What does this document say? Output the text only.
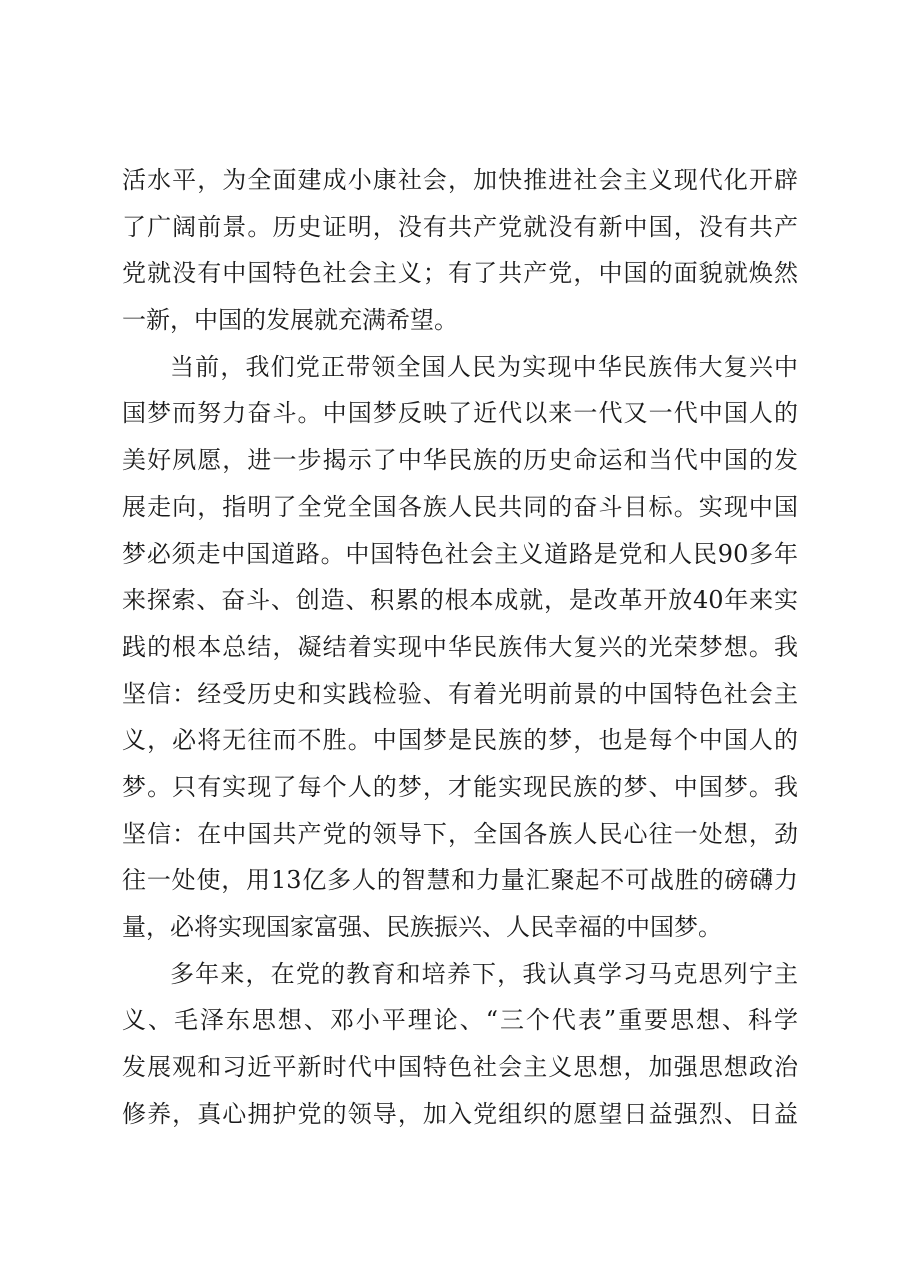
活水平，为全面建成小康社会，加快推进社会主义现代化开辟
了广阔前景。历史证明，没有共产党就没有新中国，没有共产
党就没有中国特色社会主义；有了共产党，中国的面貌就焕然
一新，中国的发展就充满希望。
当前，我们党正带领全国人民为实现中华民族伟大复兴中
国梦而努力奋斗。中国梦反映了近代以来一代又一代中国人的
美好夙愿，进一步揭示了中华民族的历史命运和当代中国的发
展走向，指明了全党全国各族人民共同的奋斗目标。实现中国
梦必须走中国道路。中国特色社会主义道路是党和人民90多年
来探索、奋斗、创造、积累的根本成就，是改革开放40年来实
践的根本总结，凝结着实现中华民族伟大复兴的光荣梦想。我
坚信：经受历史和实践检验、有着光明前景的中国特色社会主
义，必将无往而不胜。中国梦是民族的梦，也是每个中国人的
梦。只有实现了每个人的梦，才能实现民族的梦、中国梦。我
坚信：在中国共产党的领导下，全国各族人民心往一处想，劲
往一处使，用13亿多人的智慧和力量汇聚起不可战胜的磅礴力
量，必将实现国家富强、民族振兴、人民幸福的中国梦。
多年来，在党的教育和培养下，我认真学习马克思列宁主
义、毛泽东思想、邓小平理论、“三个代表”重要思想、科学
发展观和习近平新时代中国特色社会主义思想，加强思想政治
修养，真心拥护党的领导，加入党组织的愿望日益强烈、日益
